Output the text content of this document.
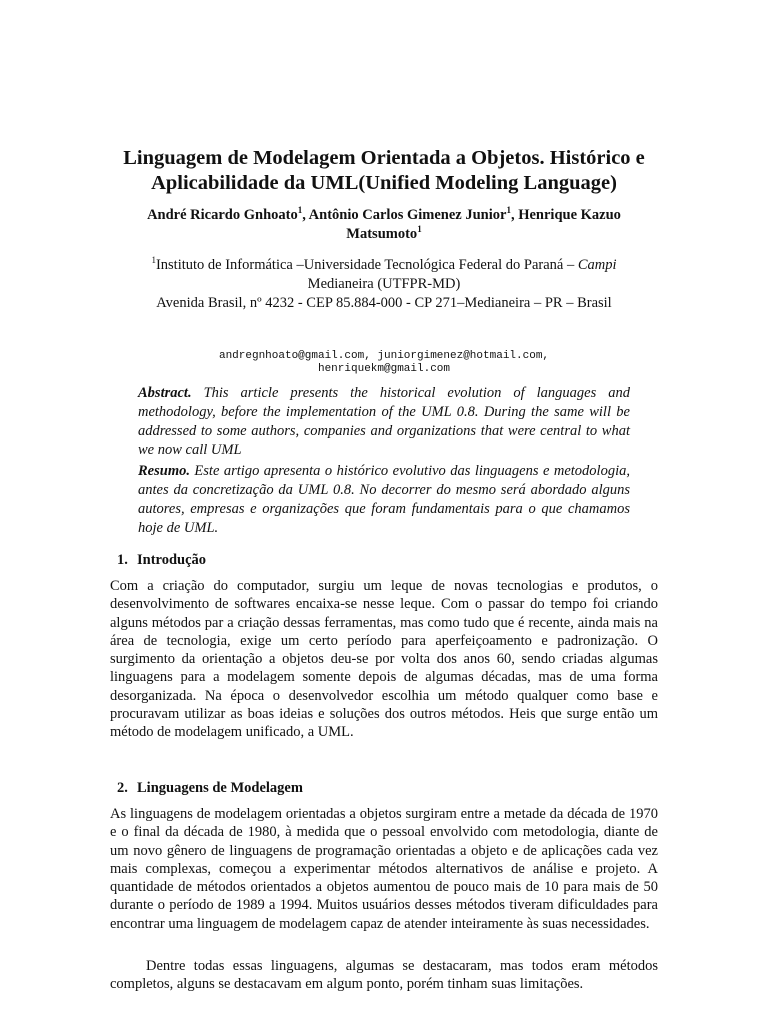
Linguagem de Modelagem Orientada a Objetos. Histórico e
Aplicabilidade da UML(Unified Modeling Language)
André Ricardo Gnhoato$^1$, Antônio Carlos Gimenez Junior$^1$, Henrique Kazuo
Matsumoto$^1$
$^1$Instituto de Informática –Universidade Tecnológica Federal do Paraná – Campi
Medianeira (UTFPR-MD)
Avenida Brasil, nº 4232 - CEP 85.884-000 - CP 271–Medianeira – PR – Brasil
andregnhoato@gmail.com, juniorgimenez@hotmail.com,
henriquekm@gmail.com
Abstract. This article presents the historical evolution of languages and methodology, before the implementation of the UML 0.8. During the same will be addressed to some authors, companies and organizations that were central to what we now call UML
Resumo. Este artigo apresenta o histórico evolutivo das linguagens e metodologia, antes da concretização da UML 0.8. No decorrer do mesmo será abordado alguns autores, empresas e organizações que foram fundamentais para o que chamamos hoje de UML.
1. Introdução
Com a criação do computador, surgiu um leque de novas tecnologias e produtos, o desenvolvimento de softwares encaixa-se nesse leque. Com o passar do tempo foi criando alguns métodos par a criação dessas ferramentas, mas como tudo que é recente, ainda mais na área de tecnologia, exige um certo período para aperfeiçoamento e padronização. O surgimento da orientação a objetos deu-se por volta dos anos 60, sendo criadas algumas linguagens para a modelagem somente depois de algumas décadas, mas de uma forma desorganizada. Na época o desenvolvedor escolhia um método qualquer como base e procuravam utilizar as boas ideias e soluções dos outros métodos. Heis que surge então um método de modelagem unificado, a UML.
2. Linguagens de Modelagem
As linguagens de modelagem orientadas a objetos surgiram entre a metade da década de 1970 e o final da década de 1980, à medida que o pessoal envolvido com metodologia, diante de um novo gênero de linguagens de programação orientadas a objeto e de aplicações cada vez mais complexas, começou a experimentar métodos alternativos de análise e projeto. A quantidade de métodos orientados a objetos aumentou de pouco mais de 10 para mais de 50 durante o período de 1989 a 1994. Muitos usuários desses métodos tiveram dificuldades para encontrar uma linguagem de modelagem capaz de atender inteiramente às suas necessidades.
Dentre todas essas linguagens, algumas se destacaram, mas todos eram métodos completos, alguns se destacavam em algum ponto, porém tinham suas limitações.
